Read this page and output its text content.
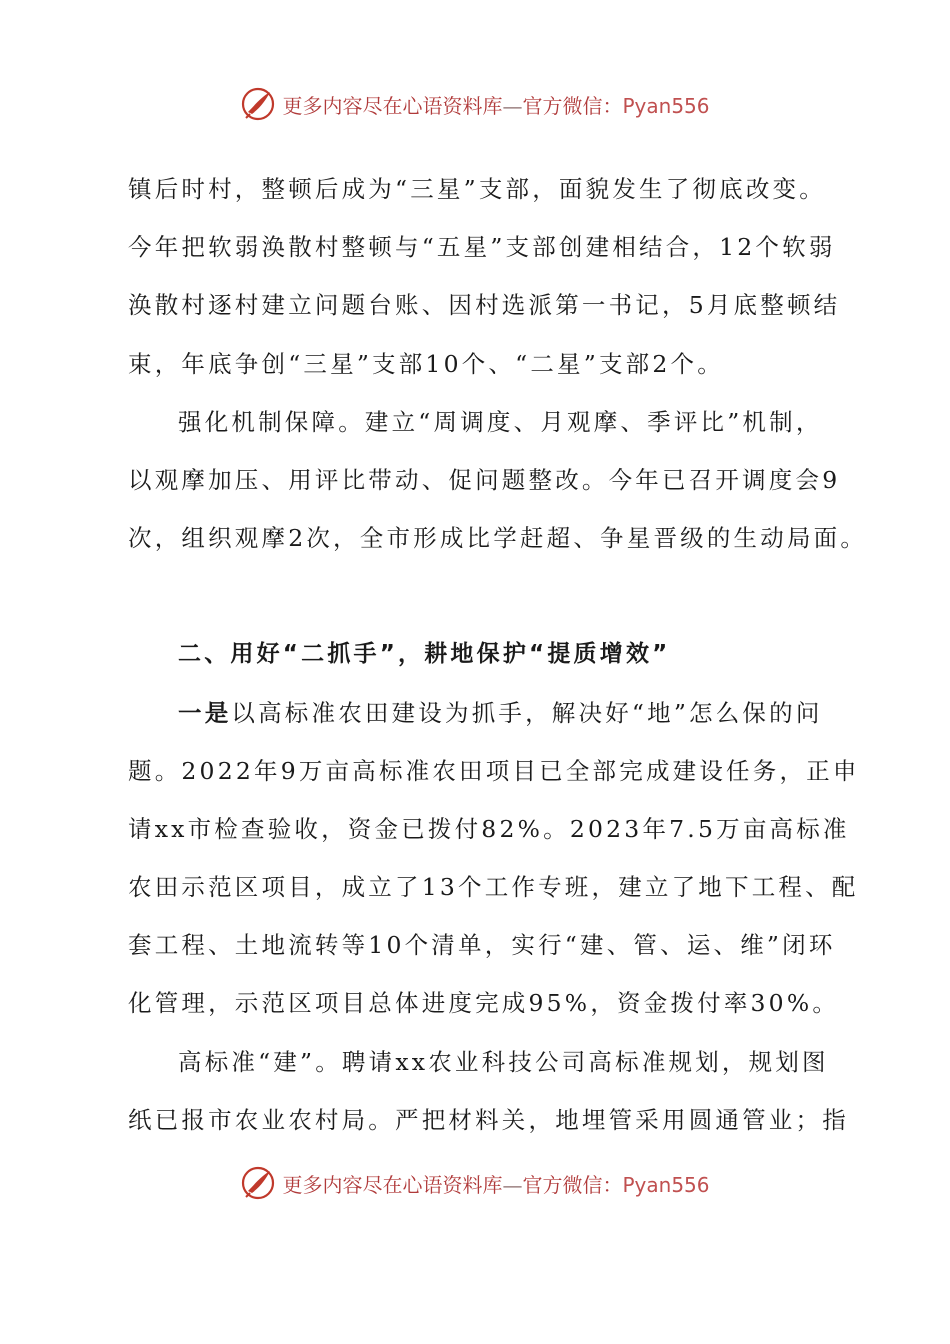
更多内容尽在心语资料库—官方微信：Pyan556
镇后时村，整顿后成为“三星”支部，面貌发生了彻底改变。
今年把软弱涣散村整顿与“五星”支部创建相结合，12个软弱
涣散村逐村建立问题台账、因村选派第一书记，5月底整顿结
束，年底争创“三星”支部10个、“二星”支部2个。
强化机制保障。建立“周调度、月观摩、季评比”机制，
以观摩加压、用评比带动、促问题整改。今年已召开调度会9
次，组织观摩2次，全市形成比学赶超、争星晋级的生动局面。
二、用好“二抓手”，耕地保护“提质增效”
一是以高标准农田建设为抓手，解决好“地”怎么保的问
题。2022年9万亩高标准农田项目已全部完成建设任务，正申
请xx市检查验收，资金已拨付82%。2023年7.5万亩高标准
农田示范区项目，成立了13个工作专班，建立了地下工程、配
套工程、土地流转等10个清单，实行“建、管、运、维”闭环
化管理，示范区项目总体进度完成95%，资金拨付率30%。
高标准“建”。聘请xx农业科技公司高标准规划，规划图
纸已报市农业农村局。严把材料关，地埋管采用圆通管业；指
更多内容尽在心语资料库—官方微信：Pyan556
